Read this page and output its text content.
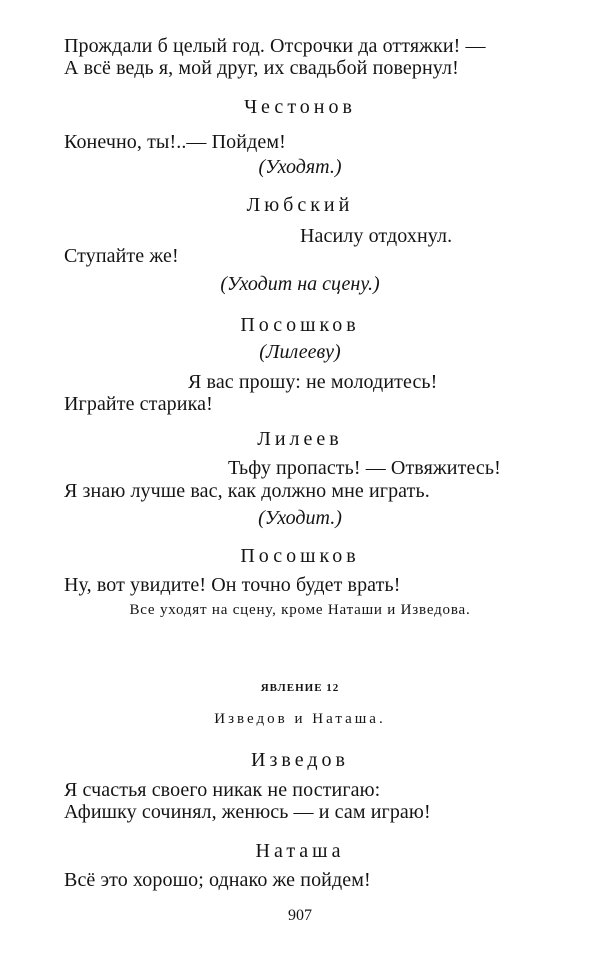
Прождали б целый год. Отсрочки да оттяжки! —
А всё ведь я, мой друг, их свадьбой повернул!
Честонов
Конечно, ты!..— Пойдем!
(Уходят.)
Любский
Насилу отдохнул.
Ступайте же!
(Уходит на сцену.)
Посошков
(Лилееву)
Я вас прошу: не молодитесь!
Играйте старика!
Лилеев
Тьфу пропасть! — Отвяжитесь!
Я знаю лучше вас, как должно мне играть.
(Уходит.)
Посошков
Ну, вот увидите! Он точно будет врать!
Все уходят на сцену, кроме Наташи и Изведова.
ЯВЛЕНИЕ 12
Изведов и Наташа.
Изведов
Я счастья своего никак не постигаю:
Афишку сочинял, женюсь — и сам играю!
Наташа
Всё это хорошо; однако же пойдем!
907
